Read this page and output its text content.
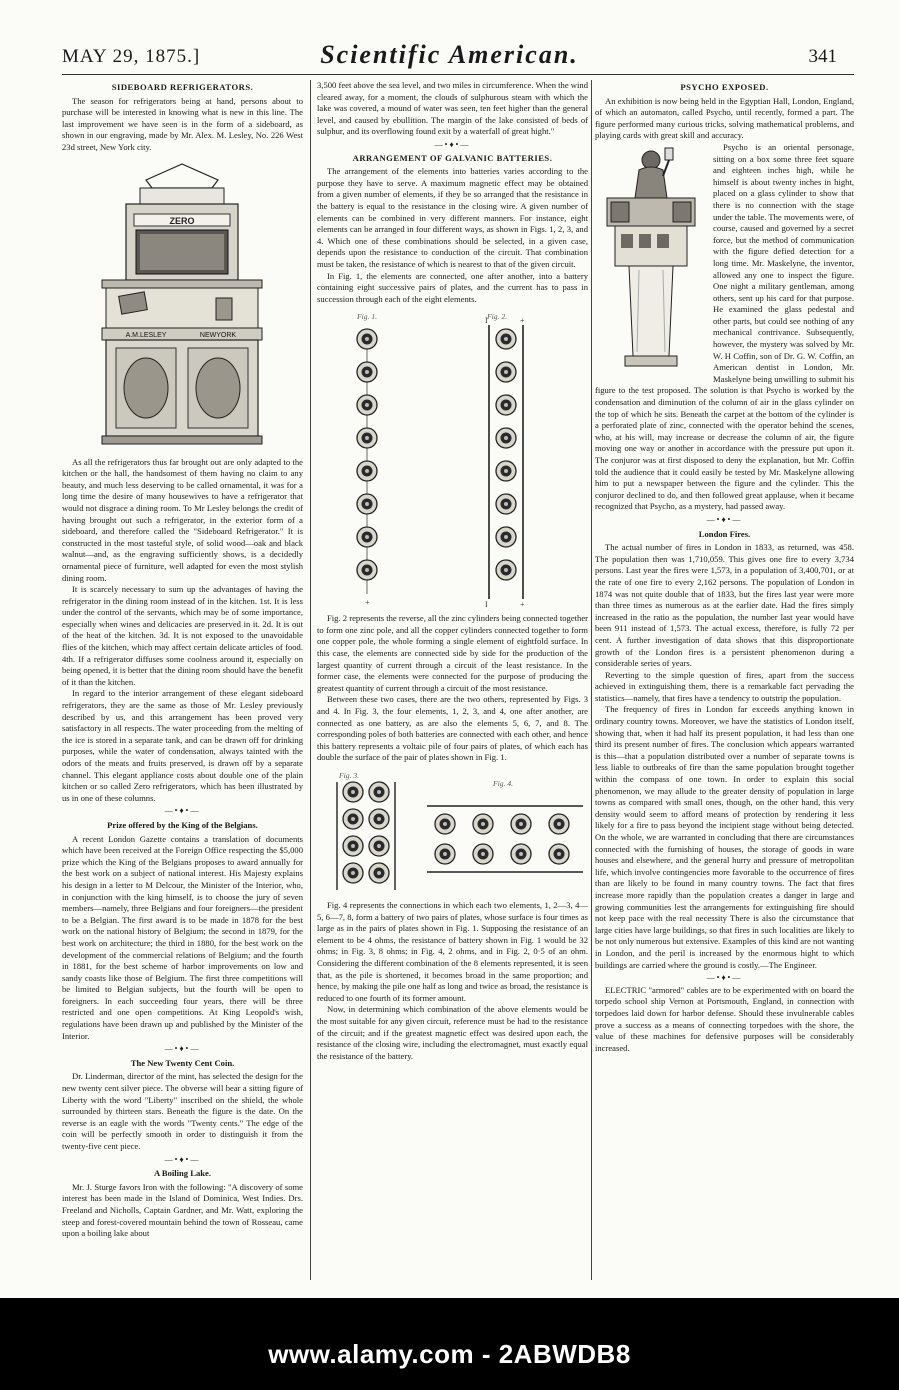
MAY 29, 1875.]	Scientific American.	341
SIDEBOARD REFRIGERATORS.

The season for refrigerators being at hand, persons about to purchase will be interested in knowing what is new in this line. The last improvement we have seen is in the form of a sideboard, as shown in our engraving, made by Mr. Alex. M. Lesley, No. 226 West 23d street, New York city.

ZERO
A.M.LESLEY	NEWYORK

As all the refrigerators thus far brought out are only adapted to the kitchen or the hall, the handsomest of them having no claim to any beauty, and much less deserving to be called ornamental, it was for a long time the desire of many housewives to have a refrigerator that would not disgrace a dining room. To Mr Lesley belongs the credit of having brought out such a refrigerator, in the exterior form of a sideboard, and therefore called the "Sideboard Refrigerator." It is constructed in the most tasteful style, of solid wood—oak and black walnut—and, as the engraving sufficiently shows, is a decidedly ornamental piece of furniture, well adapted for even the most stylish dining room.

It is scarcely necessary to sum up the advantages of having the refrigerator in the dining room instead of in the kitchen. 1st. It is less under the control of the servants, which may be of some importance, especially when wines and delicacies are preserved in it. 2d. It is out of the heat of the kitchen. 3d. It is not exposed to the unavoidable flies of the kitchen, which may affect certain delicate articles of food. 4th. If a refrigerator diffuses some coolness around it, especially on being opened, it is better that the dining room should have the benefit of it than the kitchen.

In regard to the interior arrangement of these elegant sideboard refrigerators, they are the same as those of Mr. Lesley previously described by us, and this arrangement has been proved very satisfactory in all respects. The water proceeding from the melting of the ice is stored in a separate tank, and can be drawn off for drinking purposes, while the water of condensation, always tainted with the odors of the meats and fruits preserved, is drawn off by a separate channel. This elegant appliance costs about double one of the plain kitchen or so called Zero refrigerators, which has been illustrated by us in one of these columns.

—•♦•—
Prize offered by the King of the Belgians.

A recent London Gazette contains a translation of documents which have been received at the Foreign Office respecting the $5,000 prize which the King of the Belgians proposes to award annually for the best work on a subject of national interest. His Majesty explains his design in a letter to M Delcour, the Minister of the Interior, who, in conjunction with the king himself, is to choose the jury of seven members—namely, three Belgians and four foreigners—the president to be a Belgian. The first award is to be made in 1878 for the best work on the national history of Belgium; the second in 1879, for the best work on architecture; the third in 1880, for the best work on the development of the commercial relations of Belgium; and the fourth in 1881, for the best scheme of harbor improvements on low and sandy coasts like those of Belgium. The first three competitions will be limited to Belgian subjects, but the fourth will be open to foreigners. In each succeeding four years, there will be three restricted and one open competitions. At King Leopold's wish, regulations have been drawn up and published by the Minister of the Interior.

—•♦•—
The New Twenty Cent Coin.

Dr. Linderman, director of the mint, has selected the design for the new twenty cent silver piece. The obverse will bear a sitting figure of Liberty with the word "Liberty" inscribed on the shield, the whole surrounded by thirteen stars. Beneath the figure is the date. On the reverse is an eagle with the words "Twenty cents." The edge of the coin will be perfectly smooth in order to distinguish it from the twenty-five cent piece.

—•♦•—
A Boiling Lake.

Mr. J. Sturge favors Iron with the following: "A discovery of some interest has been made in the Island of Dominica, West Indies. Drs. Freeland and Nicholls, Captain Gardner, and Mr. Watt, exploring the steep and forest-covered mountain behind the town of Rosseau, came upon a boiling lake about

3,500 feet above the sea level, and two miles in circumference. When the wind cleared away, for a moment, the clouds of sulphurous steam with which the lake was covered, a mound of water was seen, ten feet higher than the general level, and caused by ebullition. The margin of the lake consisted of beds of sulphur, and its overflowing found exit by a waterfall of great hight."

—•♦•—
ARRANGEMENT OF GALVANIC BATTERIES.

The arrangement of the elements into batteries varies according to the purpose they have to serve. A maximum magnetic effect may be obtained from a given number of elements, if they be so arranged that the resistance in the battery is equal to the resistance in the closing wire. A given number of elements can be combined in very different manners. For instance, eight elements can be arranged in four different ways, as shown in Figs. 1, 2, 3, and 4. Which one of these combinations should be selected, in a given case, depends upon the resistance to conduction of the circuit. That combination must be taken, the resistance of which is nearest to that of the given circuit.

In Fig. 1, the elements are connected, one after another, into a battery containing eight successive pairs of plates, and the current has to pass in succession through each of the eight elements.

Fig. 1.	Fig. 2.
+
I	+
I	+

Fig. 2 represents the reverse, all the zinc cylinders being connected together to form one zinc pole, and all the copper cylinders connected together to form one copper pole, the whole forming a single element of eightfold surface. In this case, the elements are connected side by side for the production of the largest quantity of current through a circuit of the least resistance. In the former case, the elements were connected for the purpose of producing the greatest quantity of current through a circuit of the most resistance.

Between these two cases, there are the two others, represented by Figs. 3 and 4. In Fig. 3, the four elements, 1, 2, 3, and 4, one after another, are connected as one battery, as are also the elements 5, 6, 7, and 8. The corresponding poles of both batteries are connected with each other, and hence this battery represents a voltaic pile of four pairs of plates, of which each has double the surface of the pair of plates shown in Fig. 1.

Fig. 3.
Fig. 4.

Fig. 4 represents the connections in which each two elements, 1, 2—3, 4—5, 6—7, 8, form a battery of two pairs of plates, whose surface is four times as large as in the pairs of plates shown in Fig. 1. Supposing the resistance of an element to be 4 ohms, the resistance of battery shown in Fig. 1 would be 32 ohms; in Fig. 3, 8 ohms; in Fig. 4, 2 ohms, and in Fig. 2, 0·5 of an ohm. Considering the different combination of the 8 elements represented, it is seen that, as the pile is shortened, it becomes broad in the same proportion; and hence, by making the pile one half as long and twice as broad, the resistance is reduced to one fourth of its former amount.

Now, in determining which combination of the above elements would be the most suitable for any given circuit, reference must be had to the resistance of the circuit; and if the greatest magnetic effect was desired upon each, the resistance of the closing wire, including the electromagnet, must exactly equal the resistance of the battery.

PSYCHO EXPOSED.

An exhibition is now being held in the Egyptian Hall, London, England, of which an automaton, called Psycho, until recently, formed a part. The figure performed many curious tricks, solving mathematical problems, and playing cards with great skill and accuracy.

Psycho is an oriental personage, sitting on a box some three feet square and eighteen inches high, while he himself is about twenty inches in hight, placed on a glass cylinder to show that there is no connection with the stage under the table. The movements were, of course, caused and governed by a secret force, but the method of communication with the figure defied detection for a long time. Mr. Maskelyne, the inventor, allowed any one to inspect the figure. One night a military gentleman, among others, sent up his card for that purpose. He examined the glass pedestal and other parts, but could see nothing of any mechanical contrivance. Subsequently, however, the mystery was solved by Mr. W. H Coffin, son of Dr. G. W. Coffin, an American dentist in London, Mr. Maskelyne being unwilling to submit his figure to the test proposed. The solution is that Psycho is worked by the condensation and diminution of the column of air in the glass cylinder on the top of which he sits. Beneath the carpet at the bottom of the cylinder is a perforated plate of zinc, connected with the operator behind the scenes, who, at his will, may increase or decrease the column of air, the figure moving one way or another in accordance with the pressure put upon it. The conjuror was at first disposed to deny the explanation, but Mr. Coffin told the audience that it could easily be tested by Mr. Maskelyne allowing him to put a newspaper between the figure and the cylinder. This the conjuror declined to do, and then followed great applause, when it became recognized that Psycho, as a mystery, had passed away.

—•♦•—
London Fires.

The actual number of fires in London in 1833, as returned, was 458. The population then was 1,710,059. This gives one fire to every 3,734 persons. Last year the fires were 1,573, in a population of 3,400,701, or at the rate of one fire to every 2,162 persons. The population of London in 1874 was not quite double that of 1833, but the fires last year were more than three times as numerous as at the earlier date. Had the fires simply increased in the ratio as the population, the number last year would have been 911 instead of 1,573. The actual excess, therefore, is fully 72 per cent. A further investigation of data shows that this disproportionate growth of the London fires is a persistent phenomenon during a considerable series of years.

Reverting to the simple question of fires, apart from the success achieved in extinguishing them, there is a remarkable fact pervading the statistics—namely, that fires have a tendency to outstrip the population.

The frequency of fires in London far exceeds anything known in ordinary country towns. Moreover, we have the statistics of London itself, showing that, when it had half its present population, it had less than one third its present number of fires. The conclusion which appears warranted is this—that a population distributed over a number of separate towns is less liable to outbreaks of fire than the same population brought together within the compass of one town. In order to explain this social phenomenon, we may allude to the greater density of population in large towns as compared with small ones, though, on the other hand, this very density would seem to afford means of protection by rendering it less likely for a fire to pass beyond the incipient stage without being detected. On the whole, we are warranted in concluding that there are circumstances connected with the furnishing of houses, the storage of goods in ware houses and elsewhere, and the general hurry and pressure of metropolitan life, which involve contingencies more favorable to the occurrence of fires than are likely to be found in many country towns. The fact that fires increase more rapidly than the population creates a danger in large and growing communities lest the arrangements for extinguishing fire should not keep pace with the real necessity There is also the circumstance that large cities have large buildings, so that fires in such localities are likely to be not only numerous but extensive. Examples of this kind are not wanting in London, and the peril is increased by the enormous hight to which buildings are carried where the ground is costly.—The Engineer.

—•♦•—

ELECTRIC "armored" cables are to be experimented with on board the torpedo school ship Vernon at Portsmouth, England, in connection with torpedoes laid down for harbor defense. Should these invulnerable cables prove a success as a means of connecting torpedoes with the shore, the value of these machines for defensive purposes will be considerably increased.

www.alamy.com - 2ABWDB8
